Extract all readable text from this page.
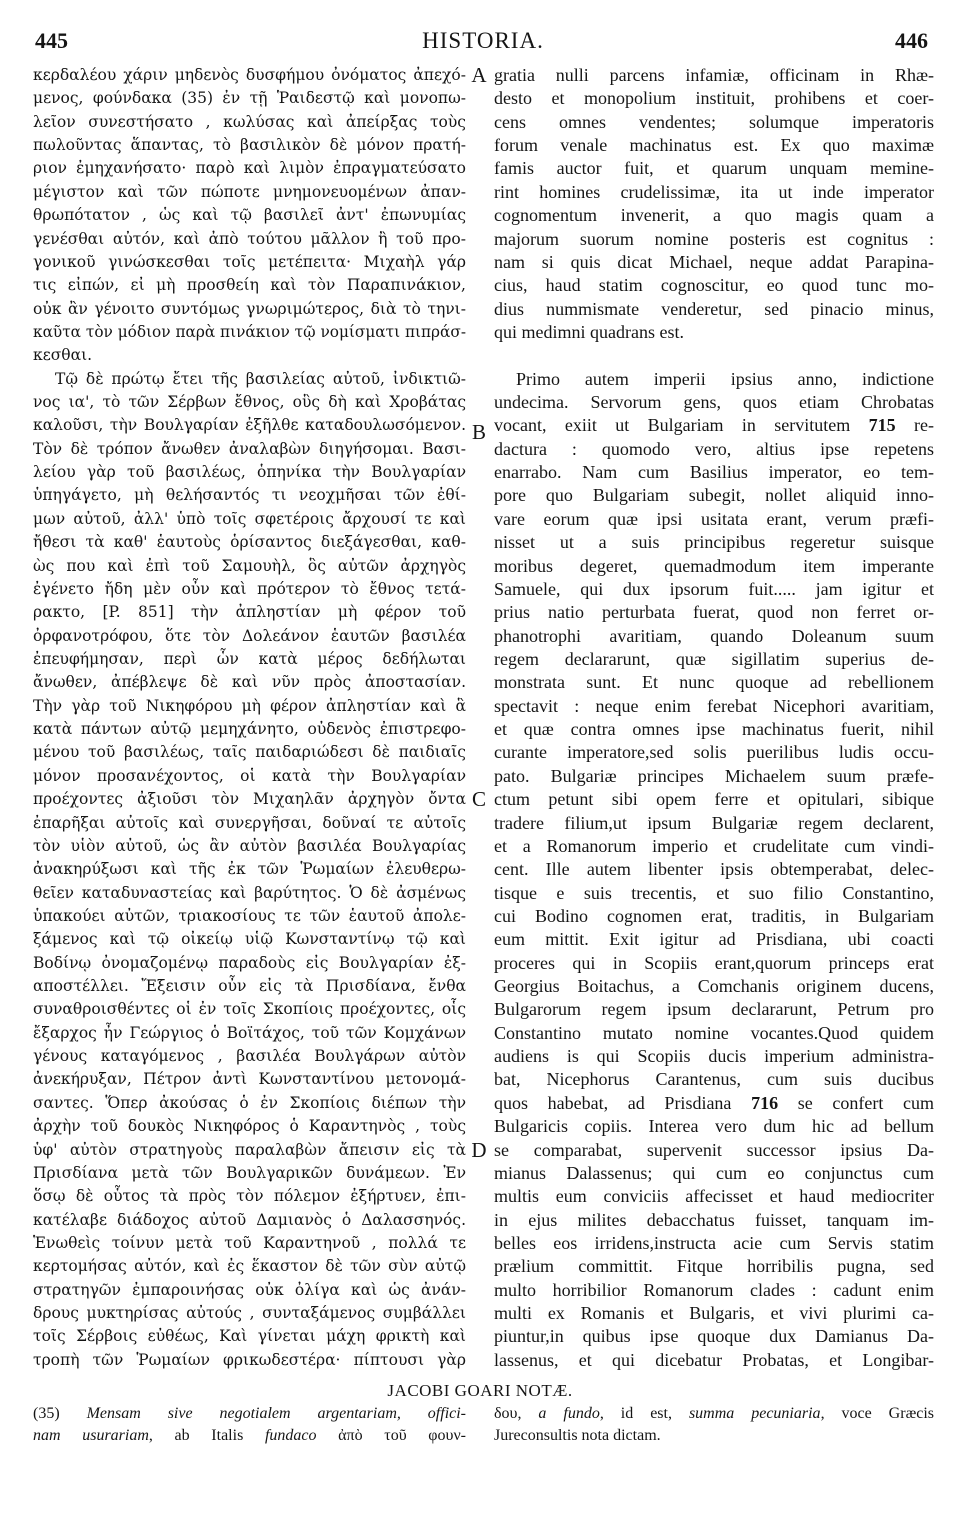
445	HISTORIA.	446
κερδαλέου χάριν μηδενὸς δυσφήμου ὀνόματος ἀπεχό-
μενος, φούνδακα (35) ἐν τῇ Ῥαιδεστῷ καὶ μονοπω-
λεῖον συνεστήσατο , κωλύσας καὶ ἀπείρξας τοὺς
πωλοῦντας ἅπαντας, τὸ βασιλικὸν δὲ μόνον πρατή-
ριον ἐμηχανήσατο· παρὸ καὶ λιμὸν ἐπραγματεύσατο
μέγιστον καὶ τῶν πώποτε μνημονευομένων ἀπαν-
θρωπότατον , ὡς καὶ τῷ βασιλεῖ ἀντ' ἐπωνυμίας
γενέσθαι αὐτόν, καὶ ἀπὸ τούτου μᾶλλον ἢ τοῦ προ-
γονικοῦ γινώσκεσθαι τοῖς μετέπειτα· Μιχαὴλ γάρ
τις εἰπών, εἰ μὴ προσθείη καὶ τὸν Παραπινάκιον,
οὐκ ἂν γένοιτο συντόμως γνωριμώτερος, διὰ τὸ τηνι-
καῦτα τὸν μόδιον παρὰ πινάκιον τῷ νομίσματι πιπράσ-
κεσθαι.
Τῷ δὲ πρώτῳ ἔτει τῆς βασιλείας αὐτοῦ, ἰνδικτιῶ-
νος ια', τὸ τῶν Σέρβων ἔθνος, οὓς δὴ καὶ Χροβάτας
καλοῦσι, τὴν Βουλγαρίαν ἐξῆλθε καταδουλωσόμενον.
Τὸν δὲ τρόπον ἄνωθεν ἀναλαβὼν διηγήσομαι. Βασι-
λείου γὰρ τοῦ βασιλέως, ὁπηνίκα τὴν Βουλγαρίαν
ὑπηγάγετο, μὴ θελήσαντός τι νεοχμῆσαι τῶν ἐθί-
μων αὐτοῦ, ἀλλ' ὑπὸ τοῖς σφετέροις ἄρχουσί τε καὶ
ἤθεσι τὰ καθ' ἑαυτοὺς ὁρίσαντος διεξάγεσθαι, καθ-
ὼς που καὶ ἐπὶ τοῦ Σαμουὴλ, ὃς αὐτῶν ἀρχηγὸς
ἐγένετο ἤδη μὲν οὖν καὶ πρότερον τὸ ἔθνος τετά-
ρακτο, [P. 851] τὴν ἀπληστίαν μὴ φέρον τοῦ
ὀρφανοτρόφου, ὅτε τὸν Δολεάνον ἑαυτῶν βασιλέα
ἐπευφήμησαν, περὶ ὧν κατὰ μέρος δεδήλωται
ἄνωθεν, ἀπέβλεψε δὲ καὶ νῦν πρὸς ἀποστασίαν.
Τὴν γὰρ τοῦ Νικηφόρου μὴ φέρον ἀπληστίαν καὶ ἃ
κατὰ πάντων αὐτῷ μεμηχάνητο, οὐδενὸς ἐπιστρεφο-
μένου τοῦ βασιλέως, ταῖς παιδαριώδεσι δὲ παιδιαῖς
μόνον προσανέχοντος, οἱ κατὰ τὴν Βουλγαρίαν
προέχοντες ἀξιοῦσι τὸν Μιχαηλᾶν ἀρχηγὸν ὄντα
ἐπαρῆξαι αὐτοῖς καὶ συνεργῆσαι, δοῦναί τε αὐτοῖς
τὸν υἱὸν αὐτοῦ, ὡς ἂν αὐτὸν βασιλέα Βουλγαρίας
ἀνακηρύξωσι καὶ τῆς ἐκ τῶν Ῥωμαίων ἐλευθερω-
θεῖεν καταδυναστείας καὶ βαρύτητος. Ὁ δὲ ἀσμένως
ὑπακούει αὐτῶν, τριακοσίους τε τῶν ἑαυτοῦ ἀπολε-
ξάμενος καὶ τῷ οἰκείῳ υἱῷ Κωνσταντίνῳ τῷ καὶ
Βοδίνῳ ὀνομαζομένῳ παραδοὺς εἰς Βουλγαρίαν ἐξ-
αποστέλλει. Ἔξεισιν οὖν εἰς τὰ Πρισδίανα, ἔνθα
συναθροισθέντες οἱ ἐν τοῖς Σκοπίοις προέχοντες, οἷς
ἔξαρχος ἦν Γεώργιος ὁ Βοϊτάχος, τοῦ τῶν Κομχάνων
γένους καταγόμενος , βασιλέα Βουλγάρων αὐτὸν
ἀνεκήρυξαν, Πέτρον ἀντὶ Κωνσταντίνου μετονομά-
σαντες. Ὅπερ ἀκούσας ὁ ἐν Σκοπίοις διέπων τὴν
ἀρχὴν τοῦ δουκὸς Νικηφόρος ὁ Καραντηνὸς , τοὺς
ὑφ' αὐτὸν στρατηγοὺς παραλαβὼν ἄπεισιν εἰς τὰ
Πρισδίανα μετὰ τῶν Βουλγαρικῶν δυνάμεων. Ἐν
ὅσῳ δὲ οὗτος τὰ πρὸς τὸν πόλεμον ἐξήρτυεν, ἐπι-
κατέλαβε διάδοχος αὐτοῦ Δαμιανὸς ὁ Δαλασσηνός.
Ἑνωθεὶς τοίνυν μετὰ τοῦ Καραντηνοῦ , πολλά τε
κερτομήσας αὐτόν, καὶ ἐς ἕκαστον δὲ τῶν σὺν αὐτῷ
στρατηγῶν ἐμπαροινήσας οὐκ ὀλίγα καὶ ὡς ἀνάν-
δρους μυκτηρίσας αὐτούς , συνταξάμενος συμβάλλει
τοῖς Σέρβοις εὐθέως, Καὶ γίνεται μάχη φρικτὴ καὶ
τροπὴ τῶν Ῥωμαίων φρικωδεστέρα· πίπτουσι γὰρ
gratia nulli parcens infamiæ, officinam in Rhæ-
desto et monopolium instituit, prohibens et coer-
cens omnes vendentes; solumque imperatoris
forum venale machinatus est. Ex quo maximæ
famis auctor fuit, et quarum unquam memine-
rint homines crudelissimæ, ita ut inde imperator
cognomentum invenerit, a quo magis quam a
majorum suorum nomine posteris est cognitus :
nam si quis dicat Michael, neque addat Parapina-
cius, haud statim cognoscitur, eo quod tunc mo-
dius nummismate venderetur, sed pinacio minus,
qui medimni quadrans est.
Primo autem imperii ipsius anno, indictione
undecima. Servorum gens, quos etiam Chrobatas
vocant, exiit ut Bulgariam in servitutem 715 re-
dactura : quomodo vero, altius ipse repetens
enarrabo. Nam cum Basilius imperator, eo tem-
pore quo Bulgariam subegit, nollet aliquid inno-
vare eorum quæ ipsi usitata erant, verum præfi-
nisset ut a suis principibus regeretur suisque
moribus degeret, quemadmodum item imperante
Samuele, qui dux ipsorum fuit..... jam igitur et
prius natio perturbata fuerat, quod non ferret or-
phanotrophi avaritiam, quando Doleanum suum
regem declararunt, quæ sigillatim superius de-
monstrata sunt. Et nunc quoque ad rebellionem
spectavit : neque enim ferebat Nicephori avaritiam,
et quæ contra omnes ipse machinatus fuerit, nihil
curante imperatore,sed solis puerilibus ludis occu-
pato. Bulgariæ principes Michaelem suum præfe-
ctum petunt sibi opem ferre et opitulari, sibique
tradere filium,ut ipsum Bulgariæ regem declarent,
et a Romanorum imperio et crudelitate cum vindi-
cent. Ille autem libenter ipsis obtemperabat, delec-
tisque e suis trecentis, et suo filio Constantino,
cui Bodino cognomen erat, traditis, in Bulgariam
eum mittit. Exit igitur ad Prisdiana, ubi coacti
proceres qui in Scopiis erant,quorum princeps erat
Georgius Boitachus, a Comchanis originem ducens,
Bulgarorum regem ipsum declararunt, Petrum pro
Constantino mutato nomine vocantes.Quod quidem
audiens is qui Scopiis ducis imperium administra-
bat, Nicephorus Carantenus, cum suis ducibus
quos habebat, ad Prisdiana 716 se confert cum
Bulgaricis copiis. Interea vero dum hic ad bellum
se comparabat, supervenit successor ipsius Da-
mianus Dalassenus; qui cum eo conjunctus cum
multis eum conviciis affecisset et haud mediocriter
in ejus milites debacchatus fuisset, tanquam im-
belles eos irridens,instructa acie cum Servis statim
prælium committit. Fitque horribilis pugna, sed
multo horribilior Romanorum clades : cadunt enim
multi ex Romanis et Bulgaris, et vivi plurimi ca-
piuntur,in quibus ipse quoque dux Damianus Da-
lassenus, et qui dicebatur Probatas, et Longibar-
A
B
C
D
JACOBI GOARI NOTÆ.
(35) Mensam sive negotialem argentariam, offici-
nam usurariam, ab Italis fundaco ἀπὸ τοῦ φουν-
δου, a fundo, id est, summa pecuniaria, voce Græcis
Jureconsultis nota dictam.
